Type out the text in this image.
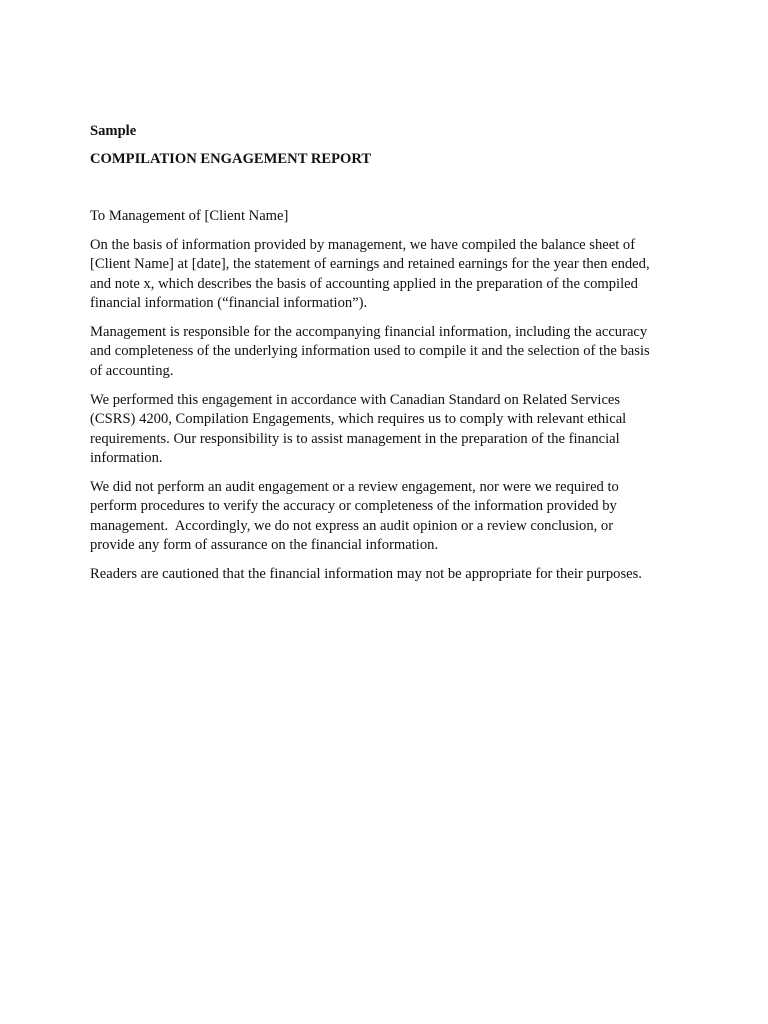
Sample
COMPILATION ENGAGEMENT REPORT

To Management of [Client Name]

On the basis of information provided by management, we have compiled the balance sheet of
[Client Name] at [date], the statement of earnings and retained earnings for the year then ended,
and note x, which describes the basis of accounting applied in the preparation of the compiled
financial information (“financial information”).

Management is responsible for the accompanying financial information, including the accuracy
and completeness of the underlying information used to compile it and the selection of the basis
of accounting.

We performed this engagement in accordance with Canadian Standard on Related Services
(CSRS) 4200, Compilation Engagements, which requires us to comply with relevant ethical
requirements. Our responsibility is to assist management in the preparation of the financial
information.

We did not perform an audit engagement or a review engagement, nor were we required to
perform procedures to verify the accuracy or completeness of the information provided by
management.  Accordingly, we do not express an audit opinion or a review conclusion, or
provide any form of assurance on the financial information.

Readers are cautioned that the financial information may not be appropriate for their purposes.
